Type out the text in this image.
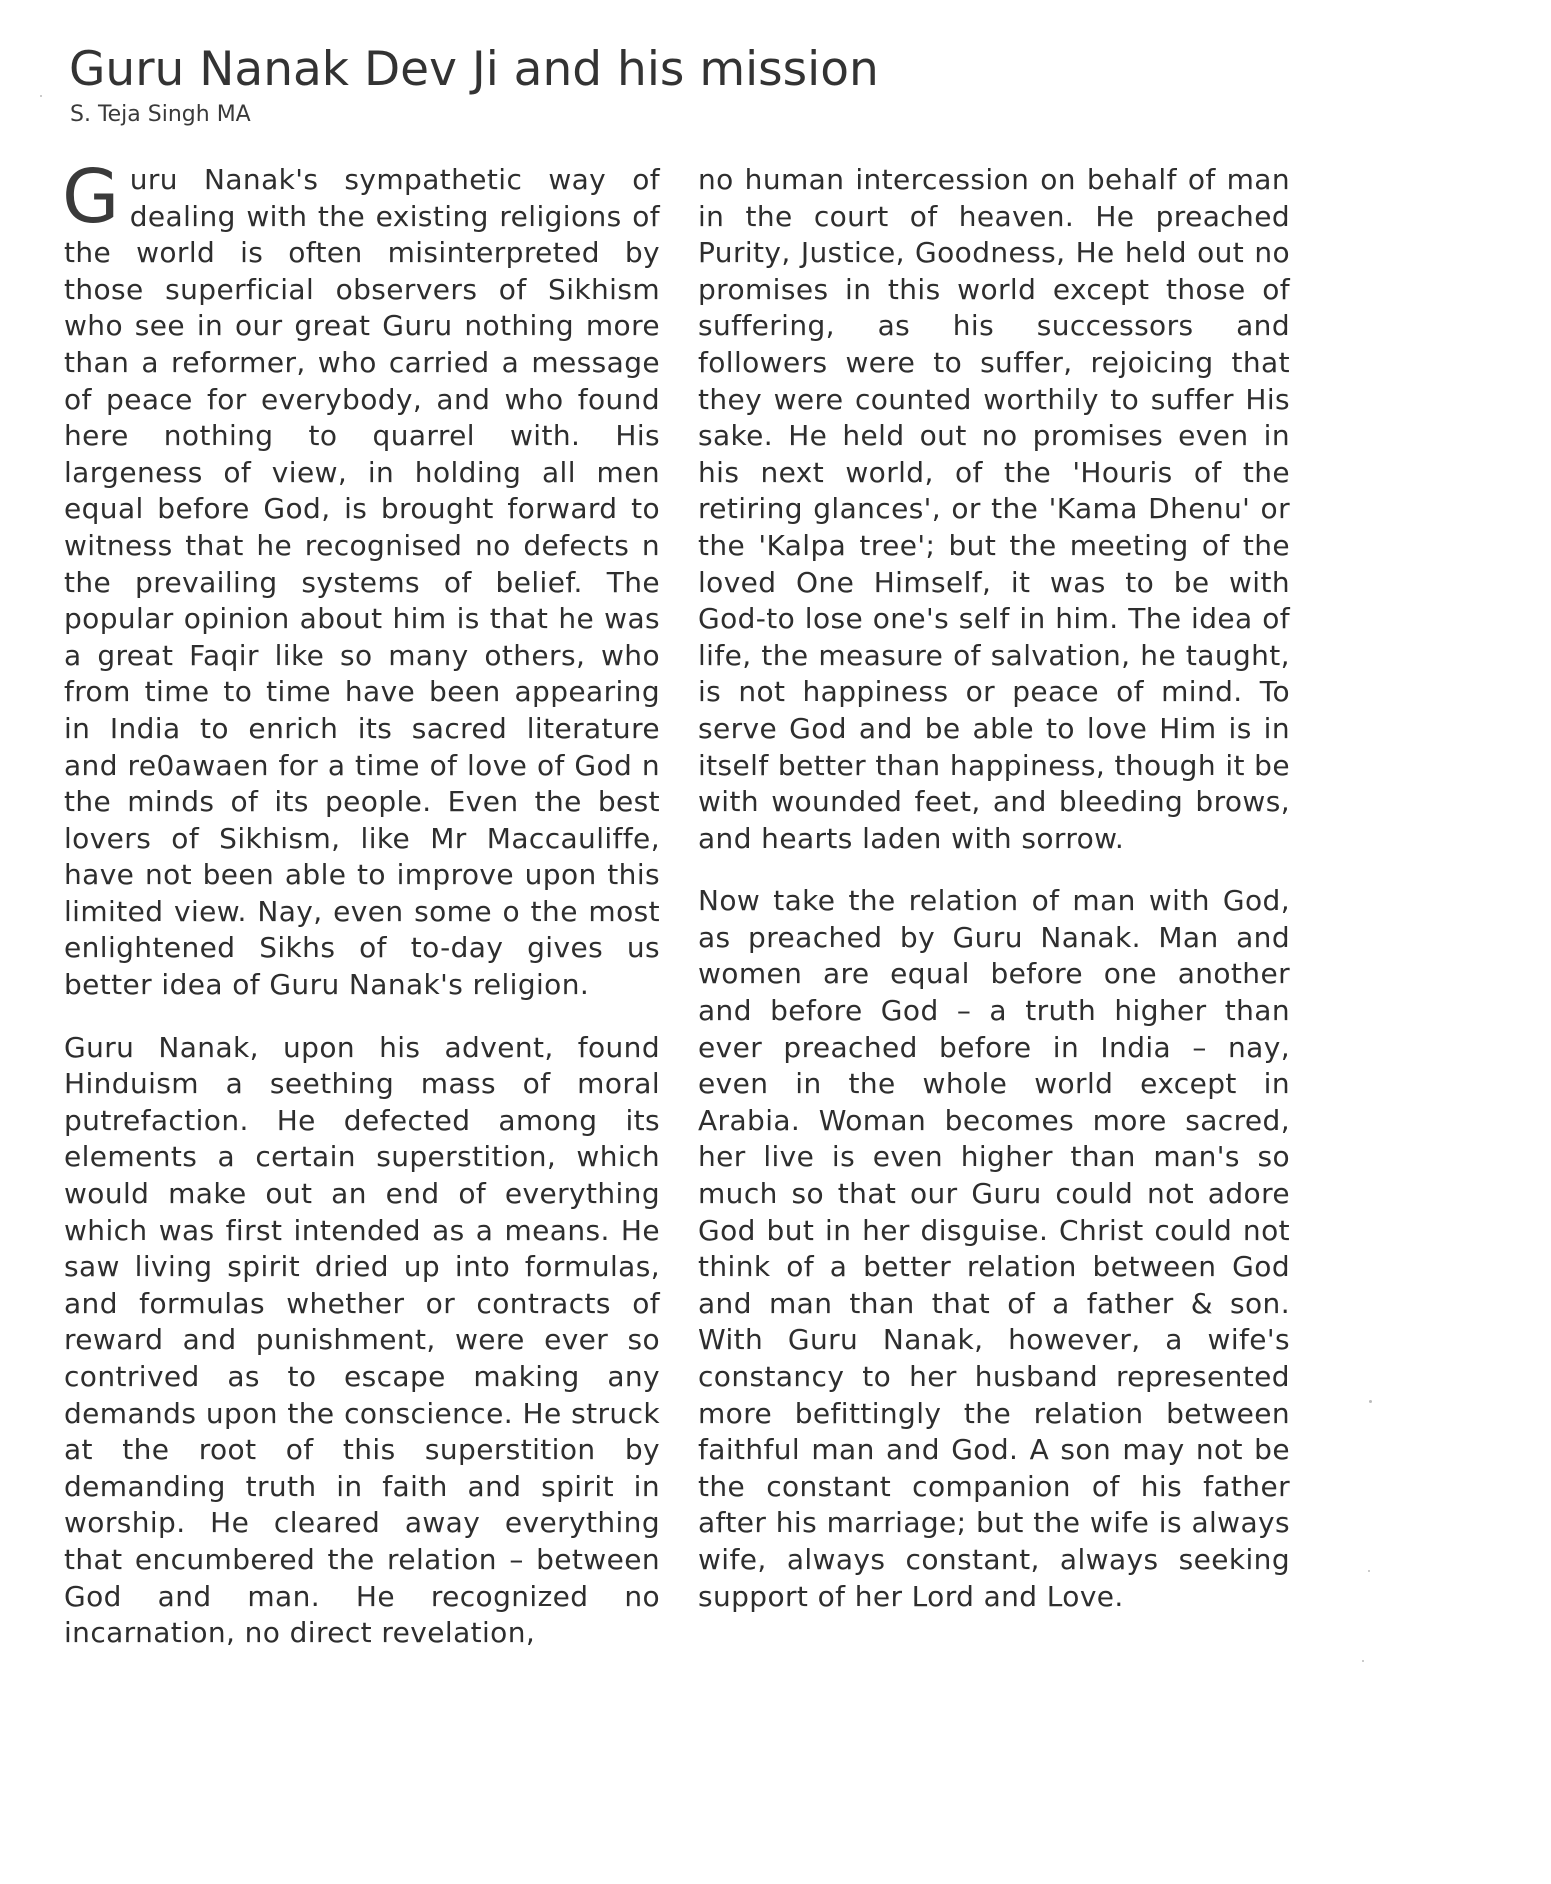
Guru Nanak Dev Ji and his mission
S. Teja Singh MA

Guru Nanak's sympathetic way of dealing with the existing religions of the world is often misinterpreted by those superficial observers of Sikhism who see in our great Guru nothing more than a reformer, who carried a message of peace for everybody, and who found here nothing to quarrel with. His largeness of view, in holding all men equal before God, is brought forward to witness that he recognised no defects n the prevailing systems of belief. The popular opinion about him is that he was a great Faqir like so many others, who from time to time have been appearing in India to enrich its sacred literature and re0awaen for a time of love of God n the minds of its people. Even the best lovers of Sikhism, like Mr Maccauliffe, have not been able to improve upon this limited view. Nay, even some o the most enlightened Sikhs of to-day gives us better idea of Guru Nanak's religion.

Guru Nanak, upon his advent, found Hinduism a seething mass of moral putrefaction. He defected among its elements a certain superstition, which would make out an end of everything which was first intended as a means. He saw living spirit dried up into formulas, and formulas whether or contracts of reward and punishment, were ever so contrived as to escape making any demands upon the conscience. He struck at the root of this superstition by demanding truth in faith and spirit in worship. He cleared away everything that encumbered the relation – between God and man. He recognized no incarnation, no direct revelation,

no human intercession on behalf of man in the court of heaven. He preached Purity, Justice, Goodness, He held out no promises in this world except those of suffering, as his successors and followers were to suffer, rejoicing that they were counted worthily to suffer His sake. He held out no promises even in his next world, of the 'Houris of the retiring glances', or the 'Kama Dhenu' or the 'Kalpa tree'; but the meeting of the loved One Himself, it was to be with God-to lose one's self in him. The idea of life, the measure of salvation, he taught, is not happiness or peace of mind. To serve God and be able to love Him is in itself better than happiness, though it be with wounded feet, and bleeding brows, and hearts laden with sorrow.

Now take the relation of man with God, as preached by Guru Nanak. Man and women are equal before one another and before God – a truth higher than ever preached before in India – nay, even in the whole world except in Arabia. Woman becomes more sacred, her live is even higher than man's so much so that our Guru could not adore God but in her disguise. Christ could not think of a better relation between God and man than that of a father & son. With Guru Nanak, however, a wife's constancy to her husband represented more befittingly the relation between faithful man and God. A son may not be the constant companion of his father after his marriage; but the wife is always wife, always constant, always seeking support of her Lord and Love.
